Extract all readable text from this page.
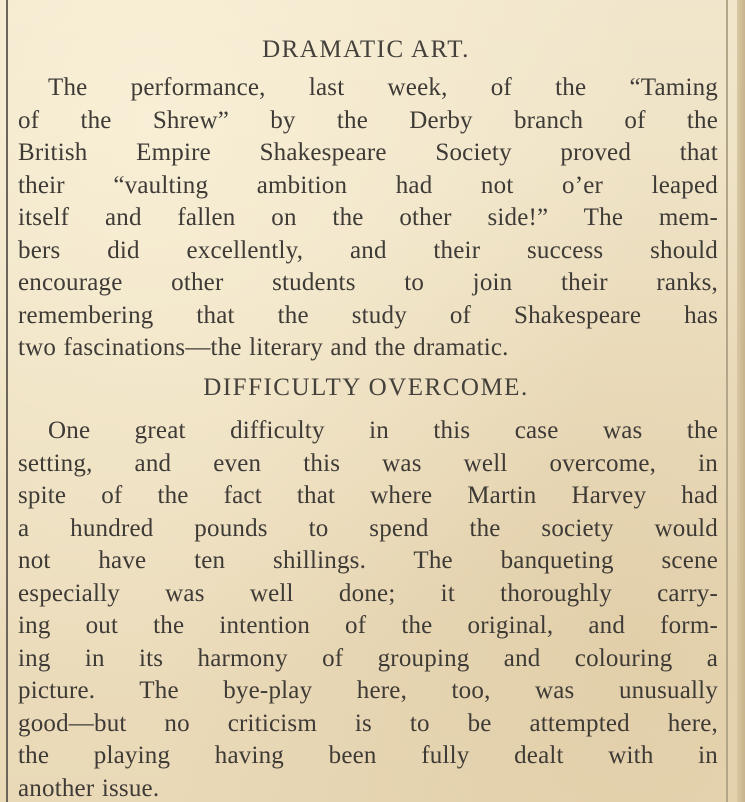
DRAMATIC ART.
The performance, last week, of the “Taming
of the Shrew” by the Derby branch of the
British Empire Shakespeare Society proved that
their “vaulting ambition had not o’er leaped
itself and fallen on the other side!” The mem-
bers did excellently, and their success should
encourage other students to join their ranks,
remembering that the study of Shakespeare has
two fascinations—the literary and the dramatic.
DIFFICULTY OVERCOME.
One great difficulty in this case was the
setting, and even this was well overcome, in
spite of the fact that where Martin Harvey had
a hundred pounds to spend the society would
not have ten shillings. The banqueting scene
especially was well done; it thoroughly carry-
ing out the intention of the original, and form-
ing in its harmony of grouping and colouring a
picture. The bye-play here, too, was unusually
good—but no criticism is to be attempted here,
the playing having been fully dealt with in
another issue.
